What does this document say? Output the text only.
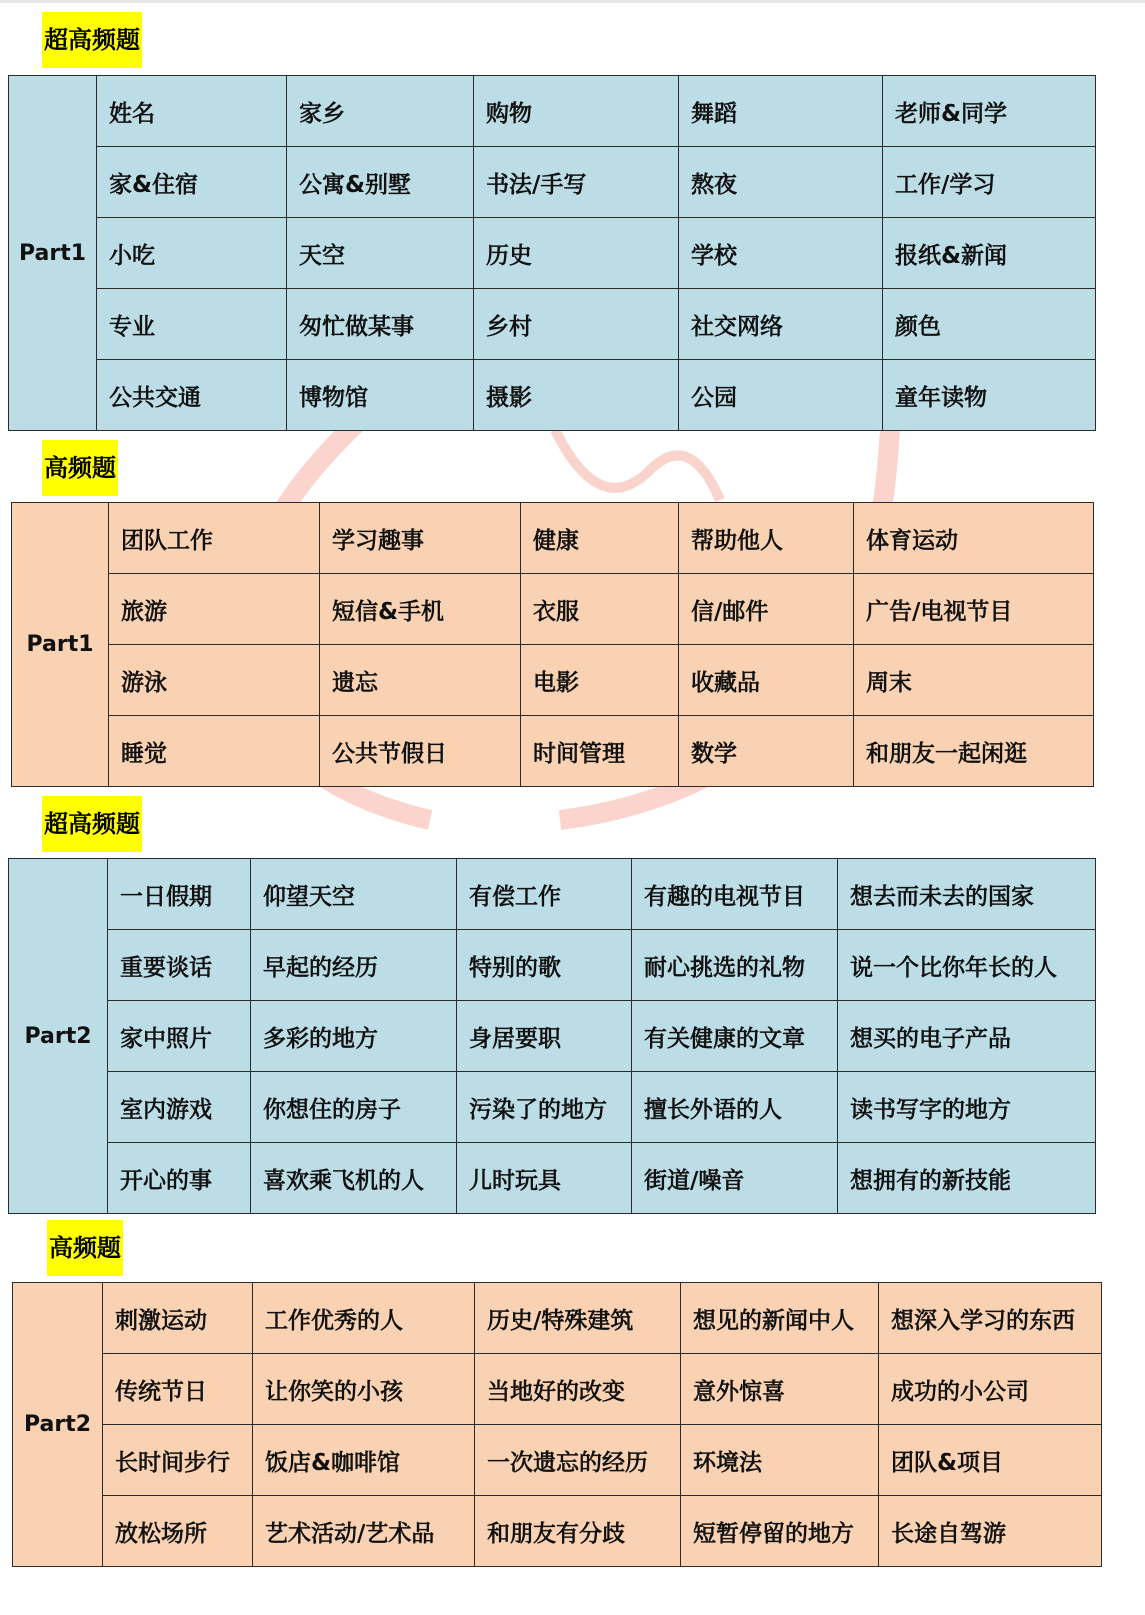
超高频题
Part1	姓名	家乡	购物	舞蹈	老师&同学
	家&住宿	公寓&别墅	书法/手写	熬夜	工作/学习
	小吃	天空	历史	学校	报纸&新闻
	专业	匆忙做某事	乡村	社交网络	颜色
	公共交通	博物馆	摄影	公园	童年读物
高频题
Part1	团队工作	学习趣事	健康	帮助他人	体育运动
	旅游	短信&手机	衣服	信/邮件	广告/电视节目
	游泳	遗忘	电影	收藏品	周末
	睡觉	公共节假日	时间管理	数学	和朋友一起闲逛
超高频题
Part2	一日假期	仰望天空	有偿工作	有趣的电视节目	想去而未去的国家
	重要谈话	早起的经历	特别的歌	耐心挑选的礼物	说一个比你年长的人
	家中照片	多彩的地方	身居要职	有关健康的文章	想买的电子产品
	室内游戏	你想住的房子	污染了的地方	擅长外语的人	读书写字的地方
	开心的事	喜欢乘飞机的人	儿时玩具	街道/噪音	想拥有的新技能
高频题
Part2	刺激运动	工作优秀的人	历史/特殊建筑	想见的新闻中人	想深入学习的东西
	传统节日	让你笑的小孩	当地好的改变	意外惊喜	成功的小公司
	长时间步行	饭店&咖啡馆	一次遗忘的经历	环境法	团队&项目
	放松场所	艺术活动/艺术品	和朋友有分歧	短暂停留的地方	长途自驾游
